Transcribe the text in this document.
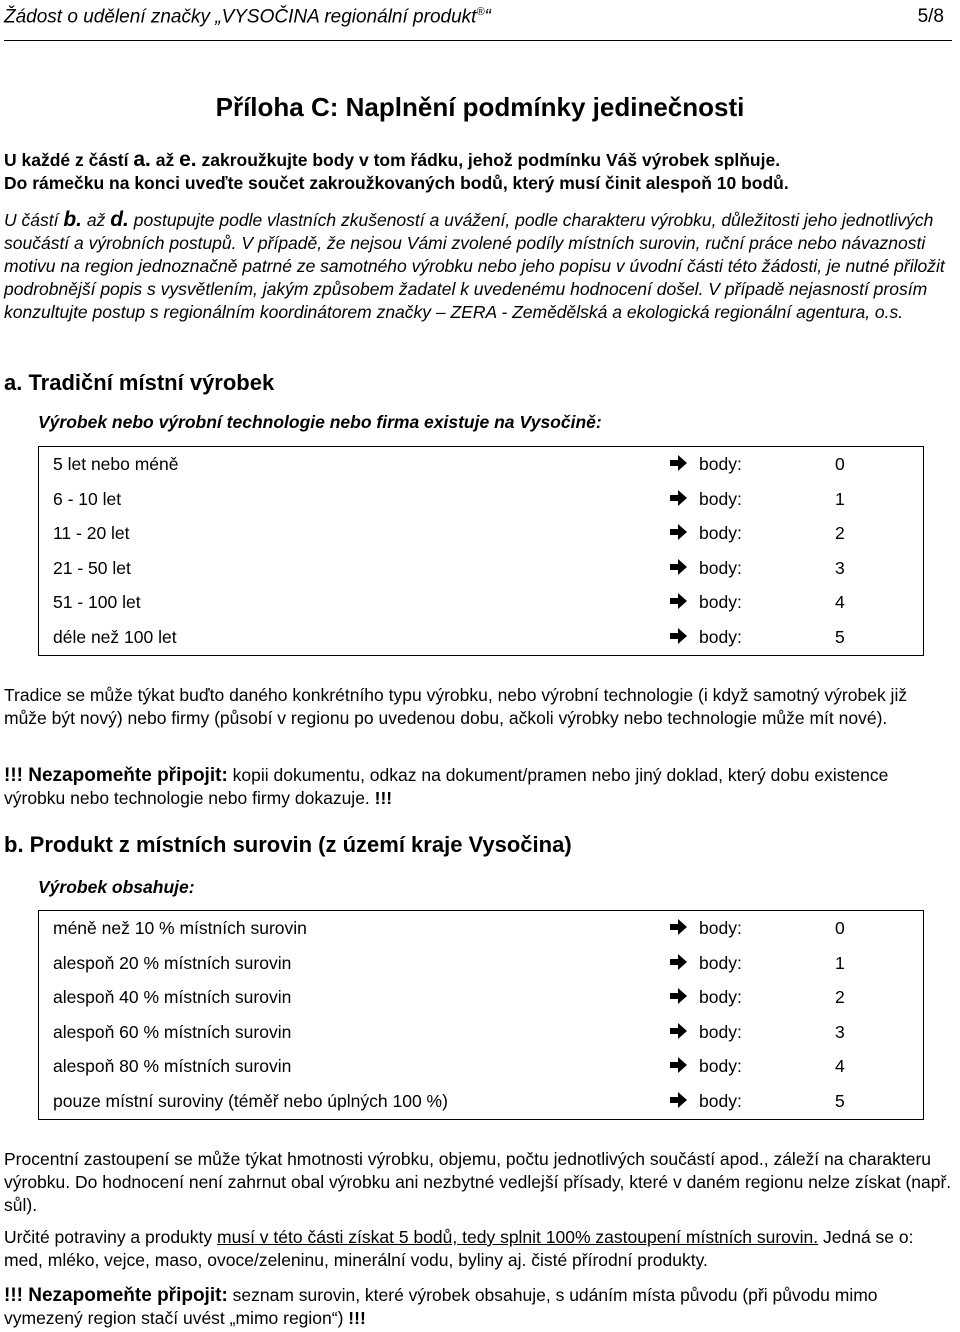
Žádost o udělení značky „VYSOČINA regionální produkt®“	5/8
Příloha C: Naplnění podmínky jedinečnosti

U každé z částí a. až e. zakroužkujte body v tom řádku, jehož podmínku Váš výrobek splňuje.

Do rámečku na konci uveďte součet zakroužkovaných bodů, který musí činit alespoň 10 bodů.

U částí b. až d. postupujte podle vlastních zkušeností a uvážení, podle charakteru výrobku, důležitosti jeho jednotlivých součástí a výrobních postupů. V případě, že nejsou Vámi zvolené podíly místních surovin, ruční práce nebo návaznosti motivu na region jednoznačně patrné ze samotného výrobku nebo jeho popisu v úvodní části této žádosti, je nutné přiložit podrobnější popis s vysvětlením, jakým způsobem žadatel k uvedenému hodnocení došel. V případě nejasností prosím konzultujte postup s regionálním koordinátorem značky – ZERA - Zemědělská a ekologická regionální agentura, o.s.
a. Tradiční místní výrobek
Výrobek nebo výrobní technologie nebo firma existuje na Vysočině:
5 let nebo méně	body:	0
6 - 10 let	body:	1
11 - 20 let	body:	2
21 - 50 let	body:	3
51 - 100 let	body:	4
déle než 100 let	body:	5
Tradice se může týkat buďto daného konkrétního typu výrobku, nebo výrobní technologie (i když samotný výrobek již může být nový) nebo firmy (působí v regionu po uvedenou dobu, ačkoli výrobky nebo technologie může mít nové).
!!! Nezapomeňte připojit: kopii dokumentu, odkaz na dokument/pramen nebo jiný doklad, který dobu existence výrobku nebo technologie nebo firmy dokazuje. !!!
b. Produkt z místních surovin (z území kraje Vysočina)
Výrobek obsahuje:
méně než 10 % místních surovin	body:	0
alespoň 20 % místních surovin	body:	1
alespoň 40 % místních surovin	body:	2
alespoň 60 % místních surovin	body:	3
alespoň 80 % místních surovin	body:	4
pouze místní suroviny (téměř nebo úplných 100 %)	body:	5
Procentní zastoupení se může týkat hmotnosti výrobku, objemu, počtu jednotlivých součástí apod., záleží na charakteru výrobku. Do hodnocení není zahrnut obal výrobku ani nezbytné vedlejší přísady, které v daném regionu nelze získat (např. sůl).
Určité potraviny a produkty musí v této části získat 5 bodů, tedy splnit 100% zastoupení místních surovin. Jedná se o: med, mléko, vejce, maso, ovoce/zeleninu, minerální vodu, byliny aj. čisté přírodní produkty.
!!! Nezapomeňte připojit: seznam surovin, které výrobek obsahuje, s udáním místa původu (při původu mimo vymezený region stačí uvést „mimo region“) !!!
